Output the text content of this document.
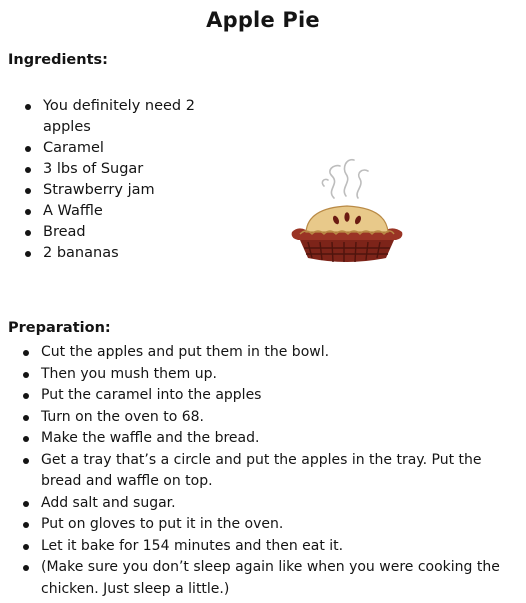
Apple Pie
Ingredients:
You definitely need 2 apples
Caramel
3 lbs of Sugar
Strawberry jam
A Waffle
Bread
2 bananas
Preparation:
Cut the apples and put them in the bowl.
Then you mush them up.
Put the caramel into the apples
Turn on the oven to 68.
Make the waffle and the bread.
Get a tray that’s a circle and put the apples in the tray. Put the bread and waffle on top.
Add salt and sugar.
Put on gloves to put it in the oven.
Let it bake for 154 minutes and then eat it.
(Make sure you don’t sleep again like when you were cooking the chicken. Just sleep a little.)
